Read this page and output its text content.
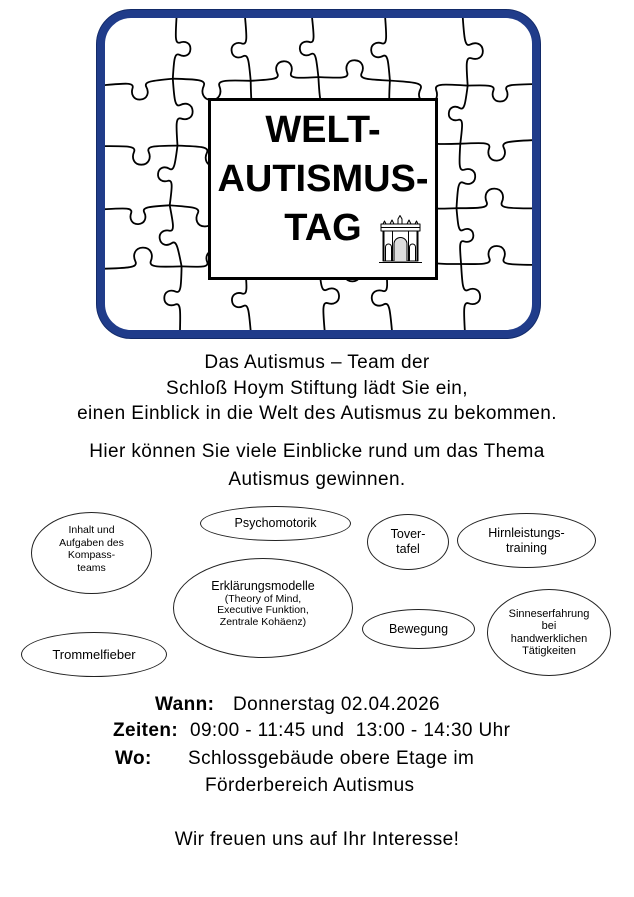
WELT-
AUTISMUS-
TAG
Das Autismus – Team der
Schloß Hoym Stiftung lädt Sie ein,
einen Einblick in die Welt des Autismus zu bekommen.
Hier können Sie viele Einblicke rund um das Thema
Autismus gewinnen.
Inhalt und
Aufgaben des
Kompass-
teams
Psychomotorik
Tover-
tafel
Hirnleistungs-
training
Erklärungsmodelle
(Theory of Mind,
Executive Funktion,
Zentrale Kohäenz)	Bewegung
Sinneserfahrung
bei
handwerklichen
Tätigkeiten
Trommelfieber
Wann: Donnerstag 02.04.2026
Zeiten: 09:00 - 11:45 und  13:00 - 14:30 Uhr
Wo: Schlossgebäude obere Etage im
Förderbereich Autismus
Wir freuen uns auf Ihr Interesse!
